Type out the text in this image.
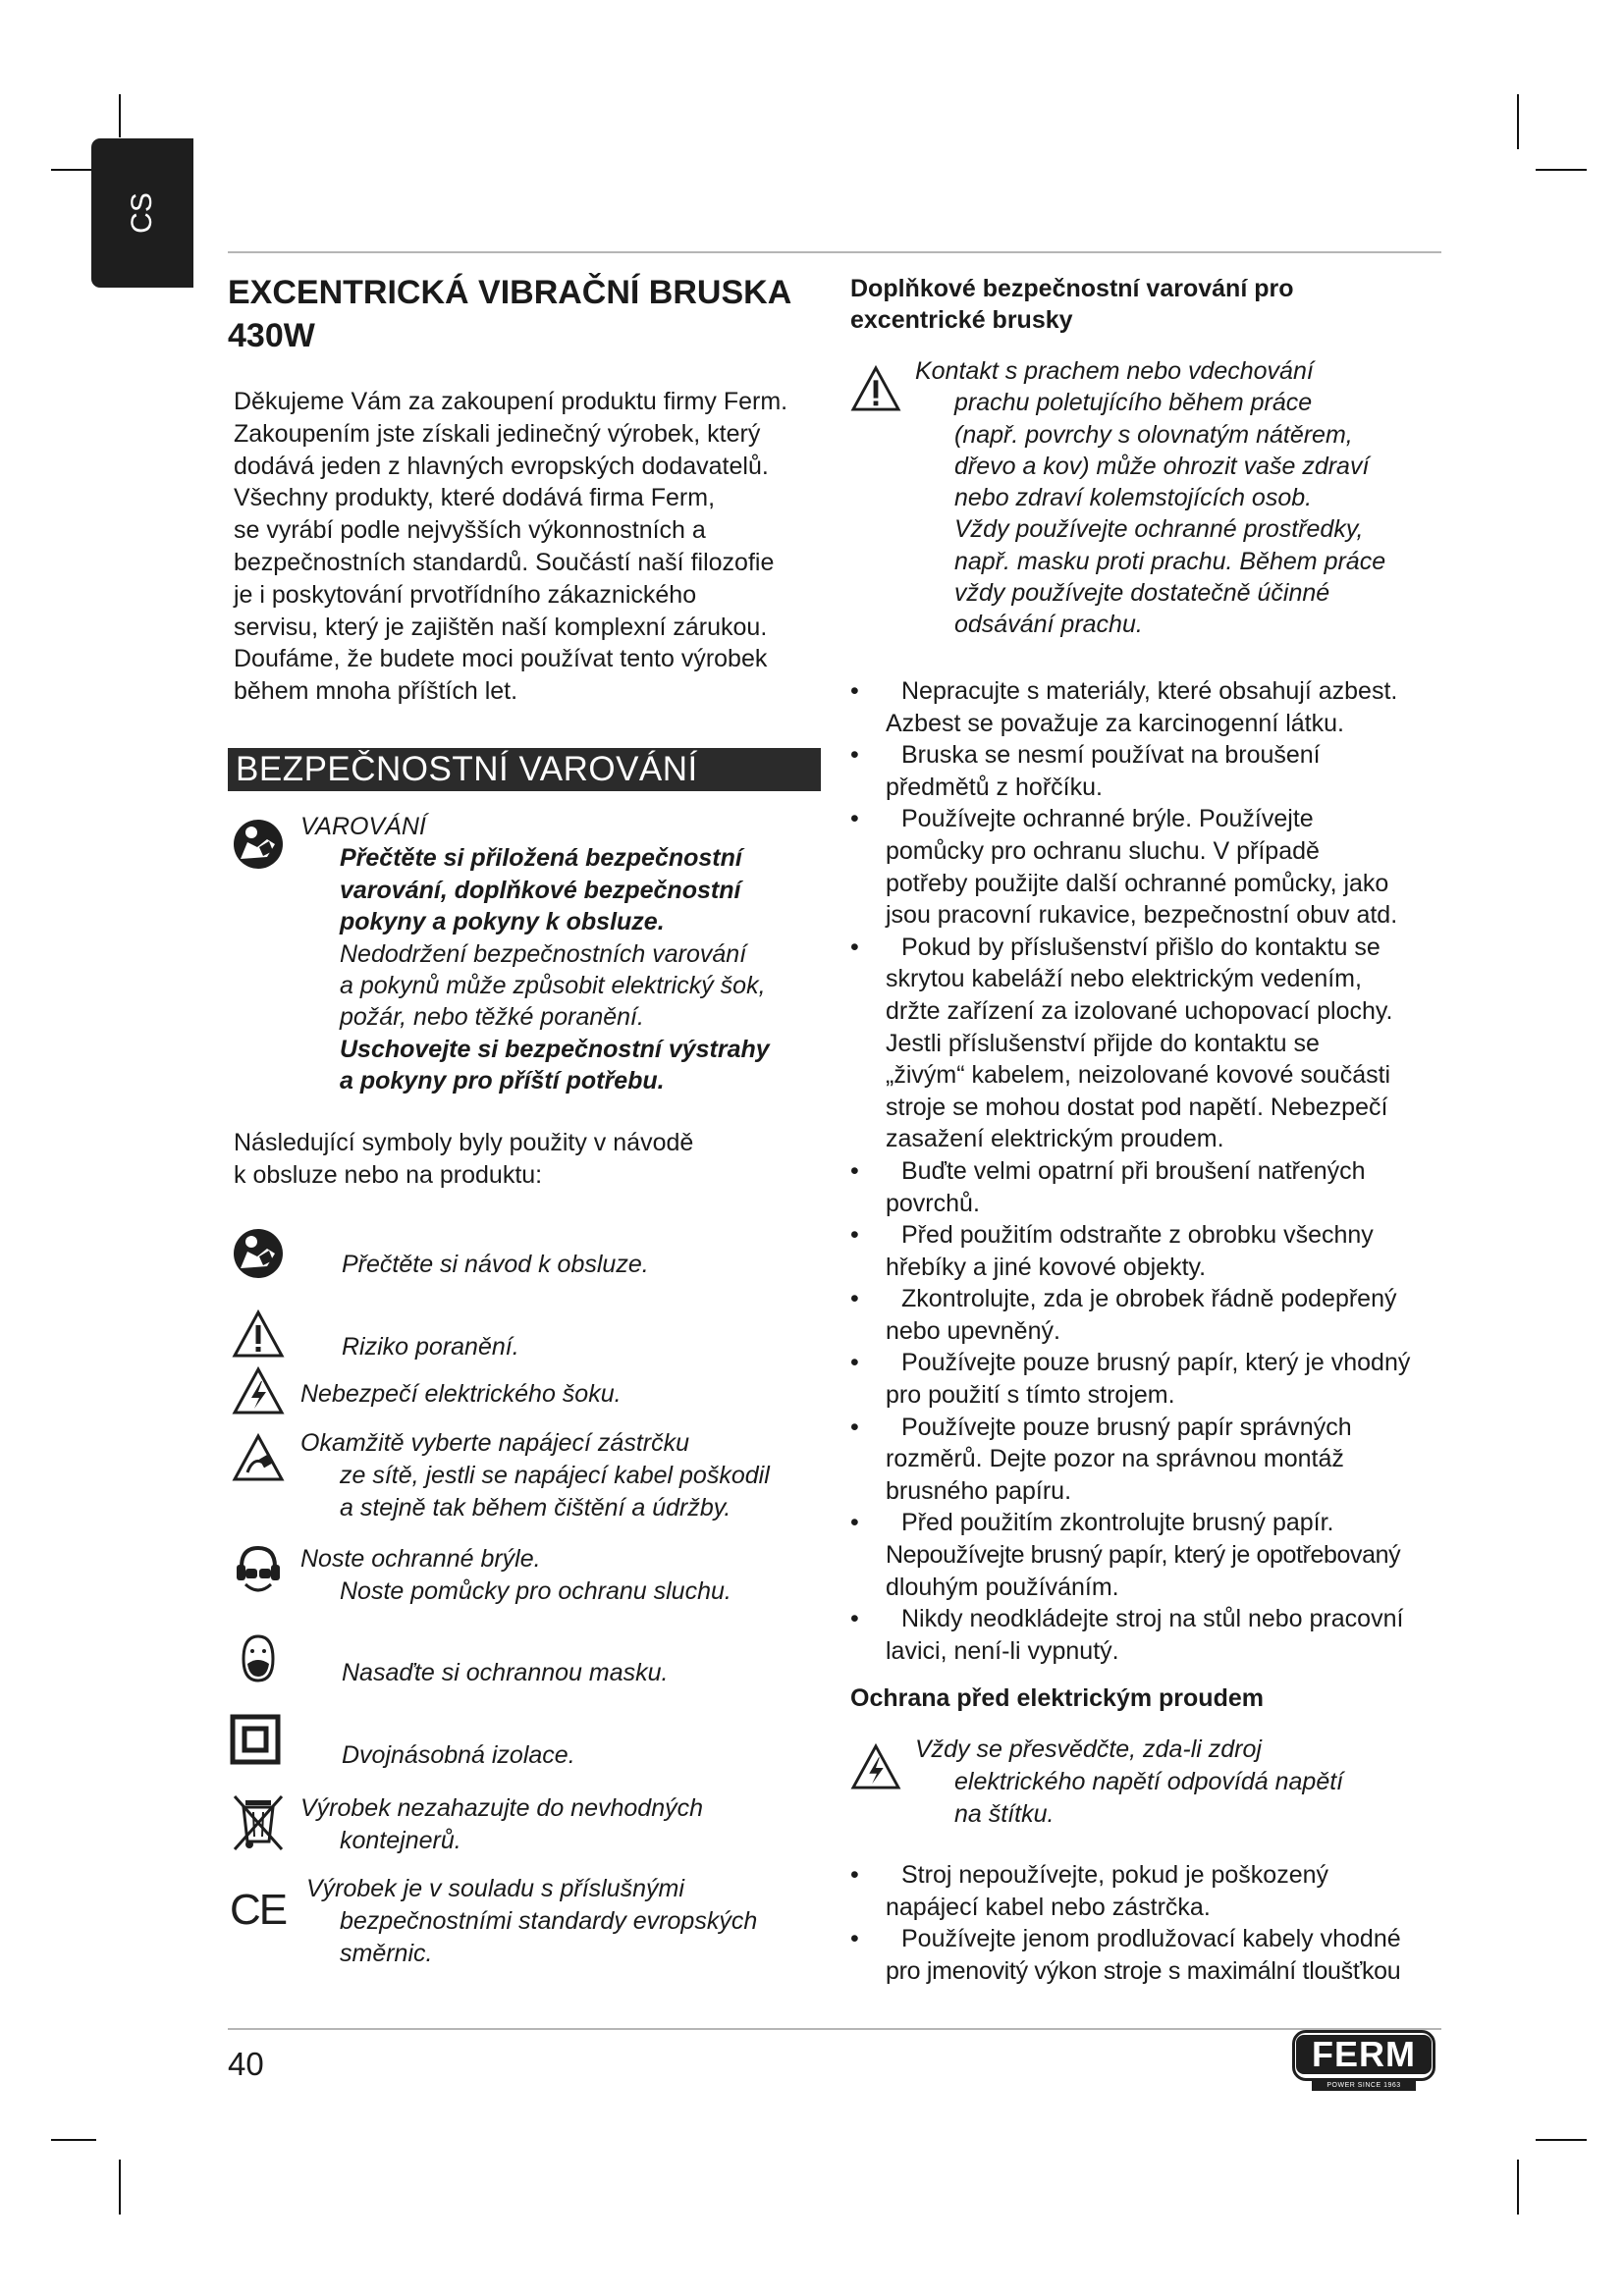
CS
EXCENTRICKÁ VIBRAČNÍ BRUSKA 430W
Děkujeme Vám za zakoupení produktu firmy Ferm.
Zakoupením jste získali jedinečný výrobek, který
dodává jeden z hlavných evropských dodavatelů.
Všechny produkty, které dodává firma Ferm,
se vyrábí podle nejvyšších výkonnostních a
bezpečnostních standardů. Součástí naší filozofie
je i poskytování prvotřídního zákaznického
servisu, který je zajištěn naší komplexní zárukou.
Doufáme, že budete moci používat tento výrobek
během mnoha příštích let.
BEZPEČNOSTNÍ VAROVÁNÍ
VAROVÁNÍ
Přečtěte si přiložená bezpečnostní
varování, doplňkové bezpečnostní
pokyny a pokyny k obsluze.
Nedodržení bezpečnostních varování
a pokynů může způsobit elektrický šok,
požár, nebo těžké poranění.
Uschovejte si bezpečnostní výstrahy
a pokyny pro příští potřebu.
Následující symboly byly použity v návodě
k obsluze nebo na produktu:
Přečtěte si návod k obsluze.
Riziko poranění.
Nebezpečí elektrického šoku.
Okamžitě vyberte napájecí zástrčku
ze sítě, jestli se napájecí kabel poškodil
a stejně tak během čištění a údržby.
Noste ochranné brýle.
Noste pomůcky pro ochranu sluchu.
Nasaďte si ochrannou masku.
Dvojnásobná izolace.
Výrobek nezahazujte do nevhodných
kontejnerů.
CE Výrobek je v souladu s příslušnými
bezpečnostními standardy evropských
směrnic.
Doplňkové bezpečnostní varování pro
excentrické brusky
Kontakt s prachem nebo vdechování
prachu poletujícího během práce
(např. povrchy s olovnatým nátěrem,
dřevo a kov) může ohrozit vaše zdraví
nebo zdraví kolemstojících osob.
Vždy používejte ochranné prostředky,
např. masku proti prachu. Během práce
vždy používejte dostatečně účinné
odsávání prachu.
•	Nepracujte s materiály, které obsahují azbest.
Azbest se považuje za karcinogenní látku.
•	Bruska se nesmí používat na broušení
předmětů z hořčíku.
•	Používejte ochranné brýle. Používejte
pomůcky pro ochranu sluchu. V případě
potřeby použijte další ochranné pomůcky, jako
jsou pracovní rukavice, bezpečnostní obuv atd.
•	Pokud by příslušenství přišlo do kontaktu se
skrytou kabeláží nebo elektrickým vedením,
držte zařízení za izolované uchopovací plochy.
Jestli příslušenství přijde do kontaktu se
„živým“ kabelem, neizolované kovové součásti
stroje se mohou dostat pod napětí. Nebezpečí
zasažení elektrickým proudem.
•	Buďte velmi opatrní při broušení natřených
povrchů.
•	Před použitím odstraňte z obrobku všechny
hřebíky a jiné kovové objekty.
•	Zkontrolujte, zda je obrobek řádně podepřený
nebo upevněný.
•	Používejte pouze brusný papír, který je vhodný
pro použití s tímto strojem.
•	Používejte pouze brusný papír správných
rozměrů. Dejte pozor na správnou montáž
brusného papíru.
•	Před použitím zkontrolujte brusný papír.
Nepoužívejte brusný papír, který je opotřebovaný
dlouhým používáním.
•	Nikdy neodkládejte stroj na stůl nebo pracovní
lavici, není-li vypnutý.
Ochrana před elektrickým proudem
Vždy se přesvědčte, zda-li zdroj
elektrického napětí odpovídá napětí
na štítku.
•	Stroj nepoužívejte, pokud je poškozený
napájecí kabel nebo zástrčka.
•	Používejte jenom prodlužovací kabely vhodné
pro jmenovitý výkon stroje s maximální tloušťkou
40	FERM
POWER SINCE 1963
